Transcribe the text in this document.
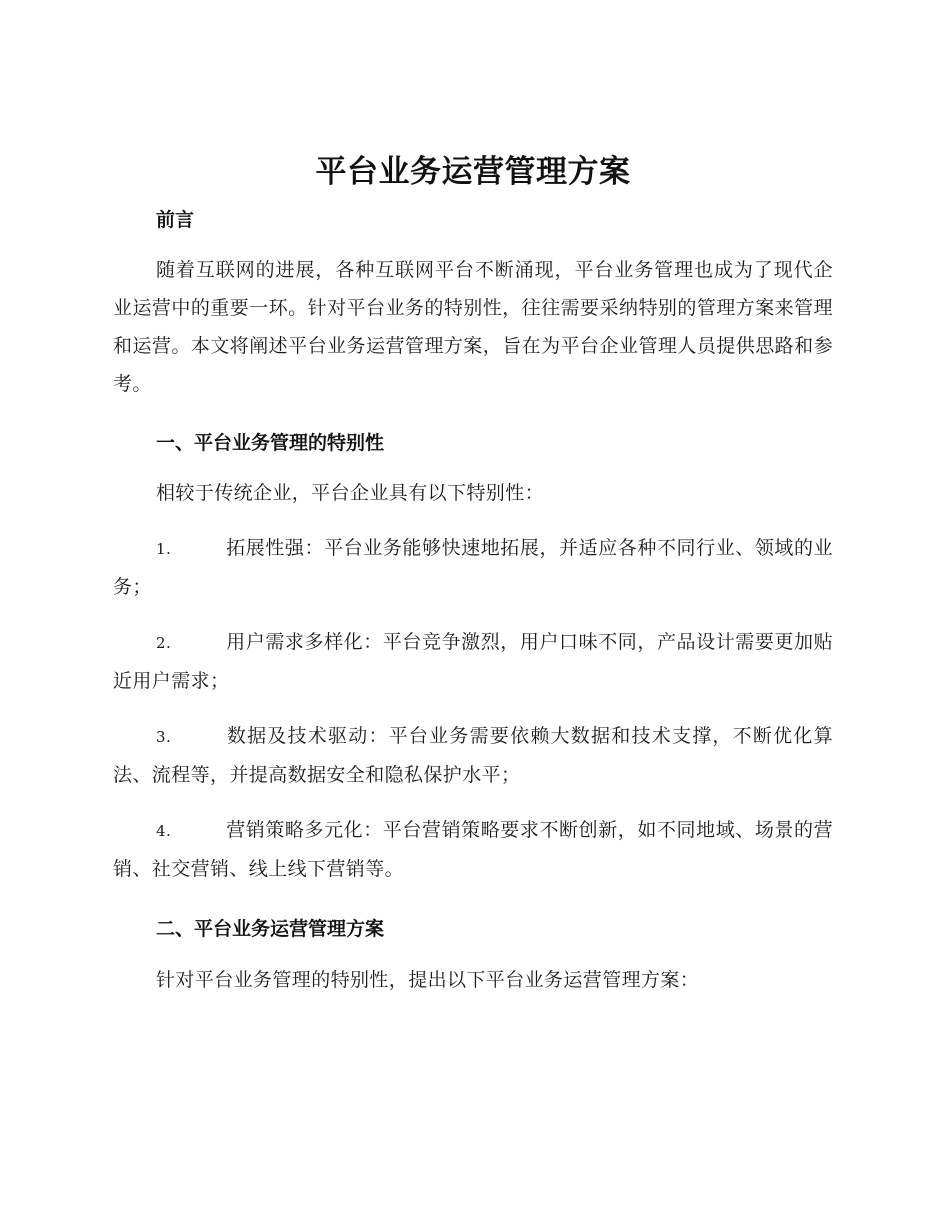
平台业务运营管理方案
前言

随着互联网的进展，各种互联网平台不断涌现，平台业务管理也成为了现代企业运营中的重要一环。针对平台业务的特别性，往往需要采纳特别的管理方案来管理和运营。本文将阐述平台业务运营管理方案，旨在为平台企业管理人员提供思路和参考。

一、平台业务管理的特别性

相较于传统企业，平台企业具有以下特别性：

1.	拓展性强：平台业务能够快速地拓展，并适应各种不同行业、领域的业务；

2.	用户需求多样化：平台竞争激烈，用户口味不同，产品设计需要更加贴近用户需求；

3.	数据及技术驱动：平台业务需要依赖大数据和技术支撑，不断优化算法、流程等，并提高数据安全和隐私保护水平；

4.	营销策略多元化：平台营销策略要求不断创新，如不同地域、场景的营销、社交营销、线上线下营销等。

二、平台业务运营管理方案

针对平台业务管理的特别性，提出以下平台业务运营管理方案：
